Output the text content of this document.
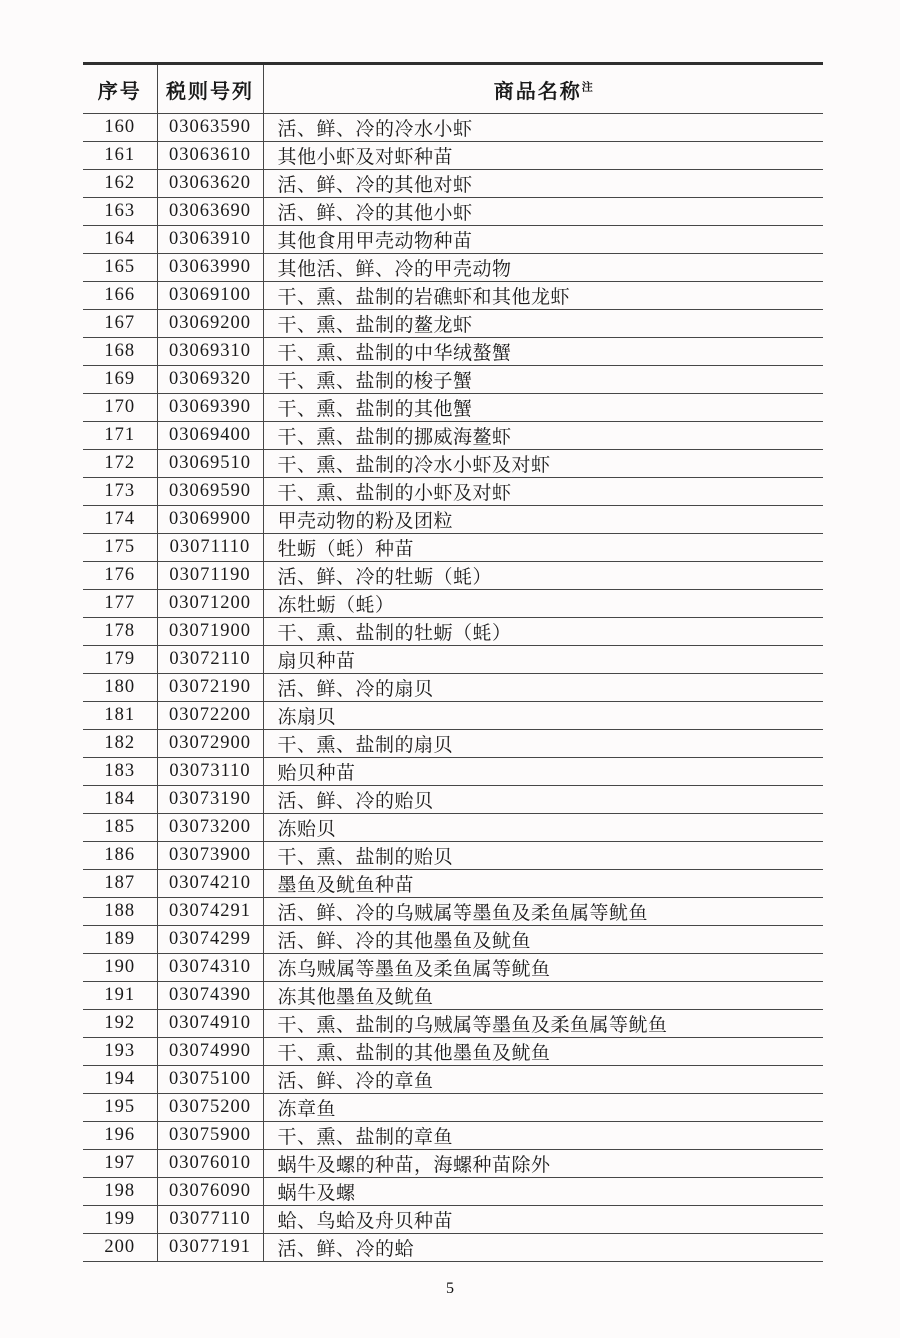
序号	税则号列	商品名称$^注$
160	03063590	活、鲜、冷的冷水小虾
161	03063610	其他小虾及对虾种苗
162	03063620	活、鲜、冷的其他对虾
163	03063690	活、鲜、冷的其他小虾
164	03063910	其他食用甲壳动物种苗
165	03063990	其他活、鲜、冷的甲壳动物
166	03069100	干、熏、盐制的岩礁虾和其他龙虾
167	03069200	干、熏、盐制的鳌龙虾
168	03069310	干、熏、盐制的中华绒螯蟹
169	03069320	干、熏、盐制的梭子蟹
170	03069390	干、熏、盐制的其他蟹
171	03069400	干、熏、盐制的挪威海鳌虾
172	03069510	干、熏、盐制的冷水小虾及对虾
173	03069590	干、熏、盐制的小虾及对虾
174	03069900	甲壳动物的粉及团粒
175	03071110	牡蛎（蚝）种苗
176	03071190	活、鲜、冷的牡蛎（蚝）
177	03071200	冻牡蛎（蚝）
178	03071900	干、熏、盐制的牡蛎（蚝）
179	03072110	扇贝种苗
180	03072190	活、鲜、冷的扇贝
181	03072200	冻扇贝
182	03072900	干、熏、盐制的扇贝
183	03073110	贻贝种苗
184	03073190	活、鲜、冷的贻贝
185	03073200	冻贻贝
186	03073900	干、熏、盐制的贻贝
187	03074210	墨鱼及鱿鱼种苗
188	03074291	活、鲜、冷的乌贼属等墨鱼及柔鱼属等鱿鱼
189	03074299	活、鲜、冷的其他墨鱼及鱿鱼
190	03074310	冻乌贼属等墨鱼及柔鱼属等鱿鱼
191	03074390	冻其他墨鱼及鱿鱼
192	03074910	干、熏、盐制的乌贼属等墨鱼及柔鱼属等鱿鱼
193	03074990	干、熏、盐制的其他墨鱼及鱿鱼
194	03075100	活、鲜、冷的章鱼
195	03075200	冻章鱼
196	03075900	干、熏、盐制的章鱼
197	03076010	蜗牛及螺的种苗，海螺种苗除外
198	03076090	蜗牛及螺
199	03077110	蛤、鸟蛤及舟贝种苗
200	03077191	活、鲜、冷的蛤
5
